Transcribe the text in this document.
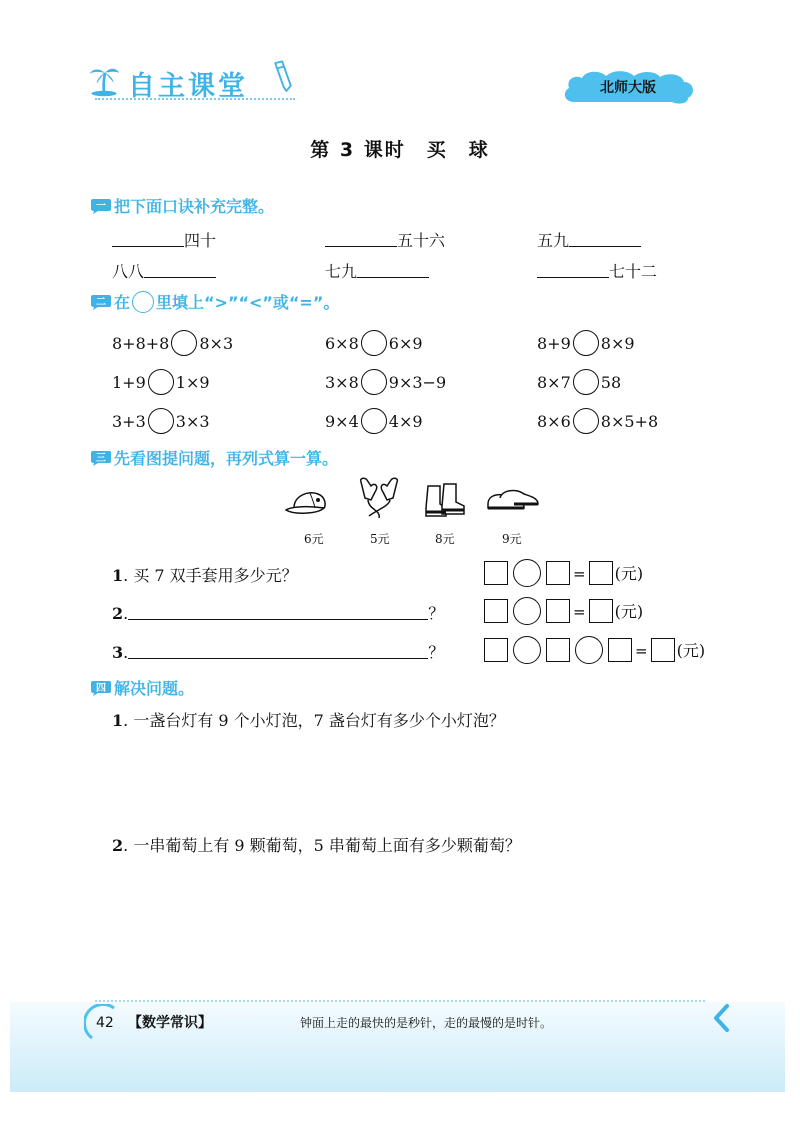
自主课堂	北师大版
第 3 课时　买　球
一 把下面口诀补充完整。
四十	五十六	五九
八八	七九	七十二
二 在 里填上“>”“<”或“=”。
8+8+8 8×3	6×8 6×9	8+9 8×9
1+9 1×9	3×8 9×3−9	8×7 58
3+3 3×3	9×4 4×9	8×6 8×5+8
三 先看图提问题，再列式算一算。
6元	5元	8元	9元
1. 买 7 双手套用多少元？	= (元)
2.	？	= (元)
3.	？	= (元)
四 解决问题。
1. 一盏台灯有 9 个小灯泡，7 盏台灯有多少个小灯泡？
2. 一串葡萄上有 9 颗葡萄，5 串葡萄上面有多少颗葡萄？
42 【数学常识】	钟面上走的最快的是秒针，走的最慢的是时针。
